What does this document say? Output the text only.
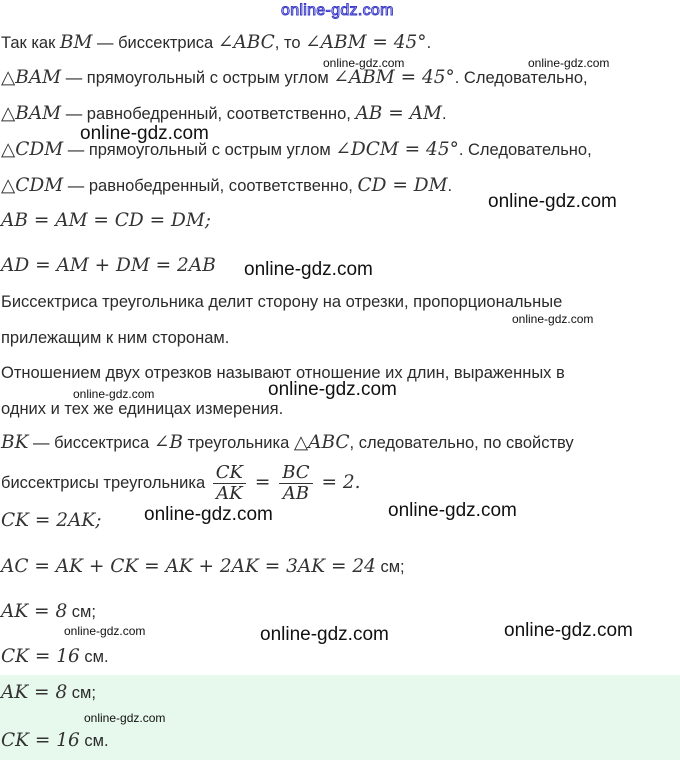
online-gdz.com
Так как BM — биссектриса ∠ABC, то ∠ABM = 45°.
online-gdz.com	online-gdz.com
△BAM — прямоугольный с острым углом ∠ABM = 45°. Следовательно,
△BAM — равнобедренный, соответственно, AB = AM.
online-gdz.com
△CDM — прямоугольный с острым углом ∠DCM = 45°. Следовательно,
△CDM — равнобедренный, соответственно, CD = DM.
online-gdz.com
AB = AM = CD = DM;
AD = AM + DM = 2AB	online-gdz.com
Биссектриса треугольника делит сторону на отрезки, пропорциональные
online-gdz.com
прилежащим к ним сторонам.
Отношением двух отрезков называют отношение их длин, выраженных в
online-gdz.com
online-gdz.com
одних и тех же единицах измерения.
BK — биссектриса ∠B треугольника △ABC, следовательно, по свойству
биссектрисы треугольника $\frac{CK}{AK} = \frac{BC}{AB} = 2$.
CK = 2AK;	online-gdz.com	online-gdz.com
AC = AK + CK = AK + 2AK = 3AK = 24 см;
AK = 8 см;
online-gdz.com	online-gdz.com	online-gdz.com
CK = 16 см.
AK = 8 см;
online-gdz.com
CK = 16 см.
